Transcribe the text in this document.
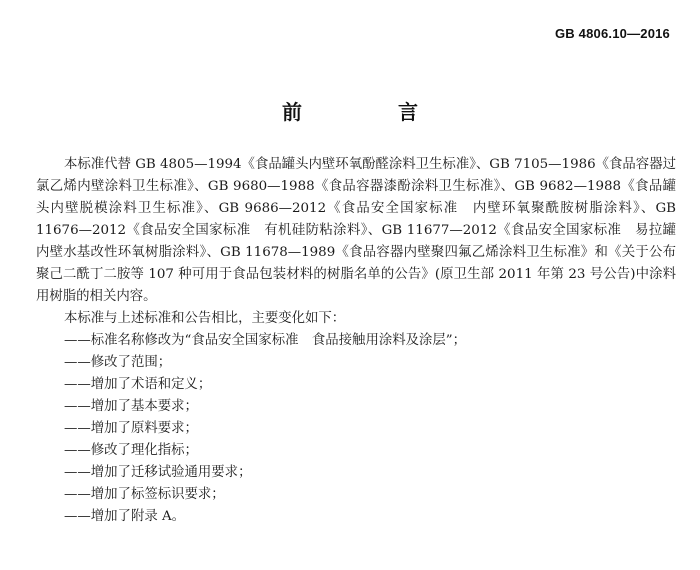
GB 4806.10—2016
前　言

本标准代替 GB 4805—1994《食品罐头内壁环氧酚醛涂料卫生标准》、GB 7105—1986《食品容器过氯乙烯内壁涂料卫生标准》、GB 9680—1988《食品容器漆酚涂料卫生标准》、GB 9682—1988《食品罐头内壁脱模涂料卫生标准》、GB 9686—2012《食品安全国家标准　内壁环氧聚酰胺树脂涂料》、GB 11676—2012《食品安全国家标准　有机硅防粘涂料》、GB 11677—2012《食品安全国家标准　易拉罐内壁水基改性环氧树脂涂料》、GB 11678—1989《食品容器内壁聚四氟乙烯涂料卫生标准》和《关于公布聚己二酰丁二胺等 107 种可用于食品包装材料的树脂名单的公告》(原卫生部 2011 年第 23 号公告)中涂料用树脂的相关内容。

本标准与上述标准和公告相比，主要变化如下：

——标准名称修改为“食品安全国家标准　食品接触用涂料及涂层”；
——修改了范围；
——增加了术语和定义；
——增加了基本要求；
——增加了原料要求；
——修改了理化指标；
——增加了迁移试验通用要求；
——增加了标签标识要求；
——增加了附录 A。
